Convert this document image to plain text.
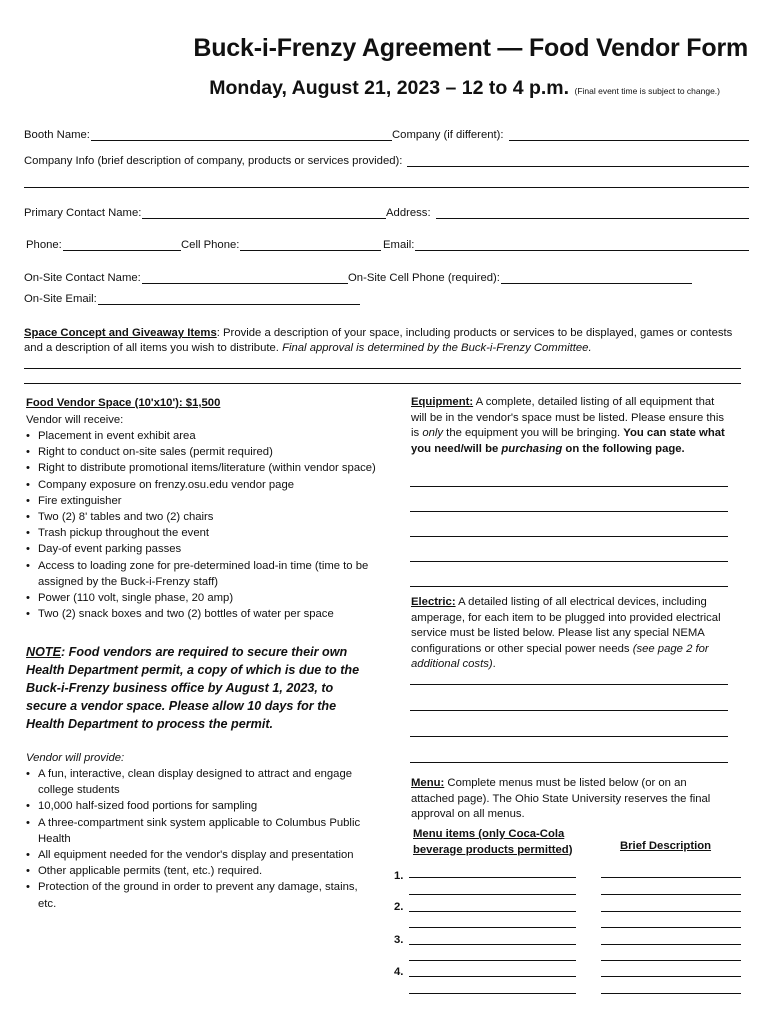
Buck-i-Frenzy Agreement — Food Vendor Form
Monday, August 21, 2023 – 12 to 4 p.m. (Final event time is subject to change.)
Booth Name:	Company (if different):
Company Info (brief description of company, products or services provided):
Primary Contact Name:	Address:
Phone:	Cell Phone:	Email:
On-Site Contact Name:	On-Site Cell Phone (required):
On-Site Email:
Space Concept and Giveaway Items: Provide a description of your space, including products or services to be displayed, games or contests
and a description of all items you wish to distribute. Final approval is determined by the Buck-i-Frenzy Committee.
Food Vendor Space (10'x10'): $1,500
Vendor will receive:
• Placement in event exhibit area
• Right to conduct on-site sales (permit required)
• Right to distribute promotional items/literature (within vendor space)
• Company exposure on frenzy.osu.edu vendor page
• Fire extinguisher
• Two (2) 8' tables and two (2) chairs
• Trash pickup throughout the event
• Day-of event parking passes
• Access to loading zone for pre-determined load-in time (time to be assigned by the Buck-i-Frenzy staff)
• Power (110 volt, single phase, 20 amp)
• Two (2) snack boxes and two (2) bottles of water per space
NOTE: Food vendors are required to secure their own Health Department permit, a copy of which is due to the Buck-i-Frenzy business office by August 1, 2023, to secure a vendor space. Please allow 10 days for the Health Department to process the permit.
Vendor will provide:
• A fun, interactive, clean display designed to attract and engage college students
• 10,000 half-sized food portions for sampling
• A three-compartment sink system applicable to Columbus Public Health
• All equipment needed for the vendor's display and presentation
• Other applicable permits (tent, etc.) required.
• Protection of the ground in order to prevent any damage, stains, etc.
Equipment: A complete, detailed listing of all equipment that will be in the vendor's space must be listed. Please ensure this is only the equipment you will be bringing. You can state what you need/will be purchasing on the following page.
Electric: A detailed listing of all electrical devices, including amperage, for each item to be plugged into provided electrical service must be listed below. Please list any special NEMA configurations or other special power needs (see page 2 for additional costs).
Menu: Complete menus must be listed below (or on an attached page). The Ohio State University reserves the final approval on all menus.
Menu items (only Coca-Cola beverage products permitted)	Brief Description
1.
2.
3.
4.
